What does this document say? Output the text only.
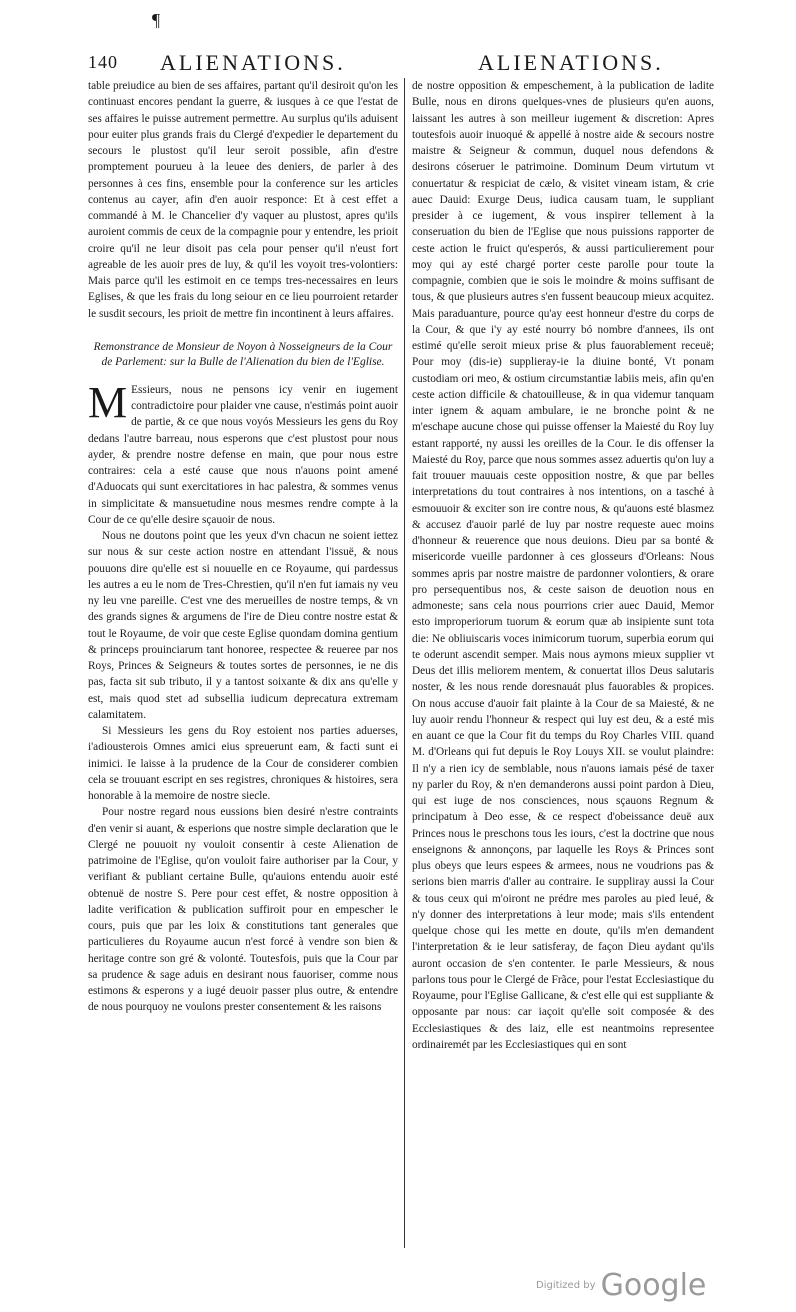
¶
140 ALIENATIONS.	ALIENATIONS.

table preiudice au bien de ses affaires, partant qu'il desiroit qu'on les continuast encores pendant la guerre, & iusques à ce que l'estat de ses affaires le puisse autrement permettre. Au surplus qu'ils aduisent pour euiter plus grands frais du Clergé d'expedier le departement du secours le plustost qu'il leur seroit possible, afin d'estre promptement pourueu à la leuee des deniers, de parler à des personnes à ces fins, ensemble pour la conference sur les articles contenus au cayer, afin d'en auoir responce: Et à cest effet a commandé à M. le Chancelier d'y vaquer au plustost, apres qu'ils auroient commis de ceux de la compagnie pour y entendre, les prioit croire qu'il ne leur disoit pas cela pour penser qu'il n'eust fort agreable de les auoir pres de luy, & qu'il les voyoit tres-volontiers: Mais parce qu'il les estimoit en ce temps tres-necessaires en leurs Eglises, & que les frais du long seiour en ce lieu pourroient retarder le susdit secours, les prioit de mettre fin incontinent à leurs affaires.

Remonstrance de Monsieur de Noyon à Nosseigneurs de la Cour de Parlement: sur la Bulle de l'Alienation du bien de l'Eglise.

M Essieurs, nous ne pensons icy venir en iugement contradictoire pour plaider vne cause, n'estimás point auoir de partie, & ce que nous voyós Messieurs les gens du Roy dedans l'autre barreau, nous esperons que c'est plustost pour nous ayder, & prendre nostre defense en main, que pour nous estre contraires: cela a esté cause que nous n'auons point amené d'Aduocats qui sunt exercitatiores in hac palestra, & sommes venus in simplicitate & mansuetudine nous mesmes rendre compte à la Cour de ce qu'elle desire sçauoir de nous.

Nous ne doutons point que les yeux d'vn chacun ne soient iettez sur nous & sur ceste action nostre en attendant l'issuë, & nous pouuons dire qu'elle est si nouuelle en ce Royaume, qui pardessus les autres a eu le nom de Tres-Chrestien, qu'il n'en fut iamais ny veu ny leu vne pareille. C'est vne des merueilles de nostre temps, & vn des grands signes & argumens de l'ire de Dieu contre nostre estat & tout le Royaume, de voir que ceste Eglise quondam domina gentium & princeps prouinciarum tant honoree, respectee & reueree par nos Roys, Princes & Seigneurs & toutes sortes de personnes, ie ne dis pas, facta sit sub tributo, il y a tantost soixante & dix ans qu'elle y est, mais quod stet ad subsellia iudicum deprecatura extremam calamitatem.

Si Messieurs les gens du Roy estoient nos parties aduerses, i'adiousterois Omnes amici eius spreuerunt eam, & facti sunt ei inimici. Ie laisse à la prudence de la Cour de considerer combien cela se trouuant escript en ses registres, chroniques & histoires, sera honorable à la memoire de nostre siecle.

Pour nostre regard nous eussions bien desiré n'estre contraints d'en venir si auant, & esperions que nostre simple declaration que le Clergé ne pouuoit ny vouloit consentir à ceste Alienation de patrimoine de l'Eglise, qu'on vouloit faire authoriser par la Cour, y verifiant & publiant certaine Bulle, qu'auions entendu auoir esté obtenuë de nostre S. Pere pour cest effet, & nostre opposition à ladite verification & publication suffiroit pour en empescher le cours, puis que par les loix & constitutions tant generales que particulieres du Royaume aucun n'est forcé à vendre son bien & heritage contre son gré & volonté. Toutesfois, puis que la Cour par sa prudence & sage aduis en desirant nous fauoriser, comme nous estimons & esperons y a iugé deuoir passer plus outre, & entendre de nous pourquoy ne voulons prester consentement & les raisons

de nostre opposition & empeschement, à la publication de ladite Bulle, nous en dirons quelques-vnes de plusieurs qu'en auons, laissant les autres à son meilleur iugement & discretion: Apres toutesfois auoir inuoqué & appellé à nostre aide & secours nostre maistre & Seigneur & commun, duquel nous defendons & desirons cóseruer le patrimoine. Dominum Deum virtutum vt conuertatur & respiciat de cælo, & visitet vineam istam, & crie auec Dauid: Exurge Deus, iudica causam tuam, le suppliant presider à ce iugement, & vous inspirer tellement à la conseruation du bien de l'Eglise que nous puissions rapporter de ceste action le fruict qu'esperós, & aussi particulierement pour moy qui ay esté chargé porter ceste parolle pour toute la compagnie, combien que ie sois le moindre & moins suffisant de tous, & que plusieurs autres s'en fussent beaucoup mieux acquitez. Mais paraduanture, pource qu'ay eest honneur d'estre du corps de la Cour, & que i'y ay esté nourry bó nombre d'annees, ils ont estimé qu'elle seroit mieux prise & plus fauorablement receuë; Pour moy (dis-ie) supplieray-ie la diuine bonté, Vt ponam custodiam ori meo, & ostium circumstantiæ labiis meis, afin qu'en ceste action difficile & chatouilleuse, & in qua videmur tanquam inter ignem & aquam ambulare, ie ne bronche point & ne m'eschape aucune chose qui puisse offenser la Maiesté du Roy luy estant rapporté, ny aussi les oreilles de la Cour. Ie dis offenser la Maiesté du Roy, parce que nous sommes assez aduertis qu'on luy a fait trouuer mauuais ceste opposition nostre, & que par belles interpretations du tout contraires à nos intentions, on a tasché à esmouuoir & exciter son ire contre nous, & qu'auons esté blasmez & accusez d'auoir parlé de luy par nostre requeste auec moins d'honneur & reuerence que nous deuions. Dieu par sa bonté & misericorde vueille pardonner à ces glosseurs d'Orleans: Nous sommes apris par nostre maistre de pardonner volontiers, & orare pro persequentibus nos, & ceste saison de deuotion nous en admoneste; sans cela nous pourrions crier auec Dauid, Memor esto improperiorum tuorum & eorum quæ ab insipiente sunt tota die: Ne obliuiscaris voces inimicorum tuorum, superbia eorum qui te oderunt ascendit semper. Mais nous aymons mieux supplier vt Deus det illis meliorem mentem, & conuertat illos Deus salutaris noster, & les nous rende doresnauát plus fauorables & propices. On nous accuse d'auoir fait plainte à la Cour de sa Maiesté, & ne luy auoir rendu l'honneur & respect qui luy est deu, & a esté mis en auant ce que la Cour fit du temps du Roy Charles VIII. quand M. d'Orleans qui fut depuis le Roy Louys XII. se voulut plaindre: Il n'y a rien icy de semblable, nous n'auons iamais pésé de taxer ny parler du Roy, & n'en demanderons aussi point pardon à Dieu, qui est iuge de nos consciences, nous sçauons Regnum & principatum à Deo esse, & ce respect d'obeissance deuë aux Princes nous le preschons tous les iours, c'est la doctrine que nous enseignons & annonçons, par laquelle les Roys & Princes sont plus obeys que leurs espees & armees, nous ne voudrions pas & serions bien marris d'aller au contraire. Ie suppliray aussi la Cour & tous ceux qui m'oiront ne prédre mes paroles au pied leué, & n'y donner des interpretations à leur mode; mais s'ils entendent quelque chose qui les mette en doute, qu'ils m'en demandent l'interpretation & ie leur satisferay, de façon Dieu aydant qu'ils auront occasion de s'en contenter. Ie parle Messieurs, & nous parlons tous pour le Clergé de Frãce, pour l'estat Ecclesiastique du Royaume, pour l'Eglise Gallicane, & c'est elle qui est suppliante & opposante par nous: car iaçoit qu'elle soit composée & des Ecclesiastiques & des laiz, elle est neantmoins representee ordinairemét par les Ecclesiastiques qui en sont

Digitized by Google
